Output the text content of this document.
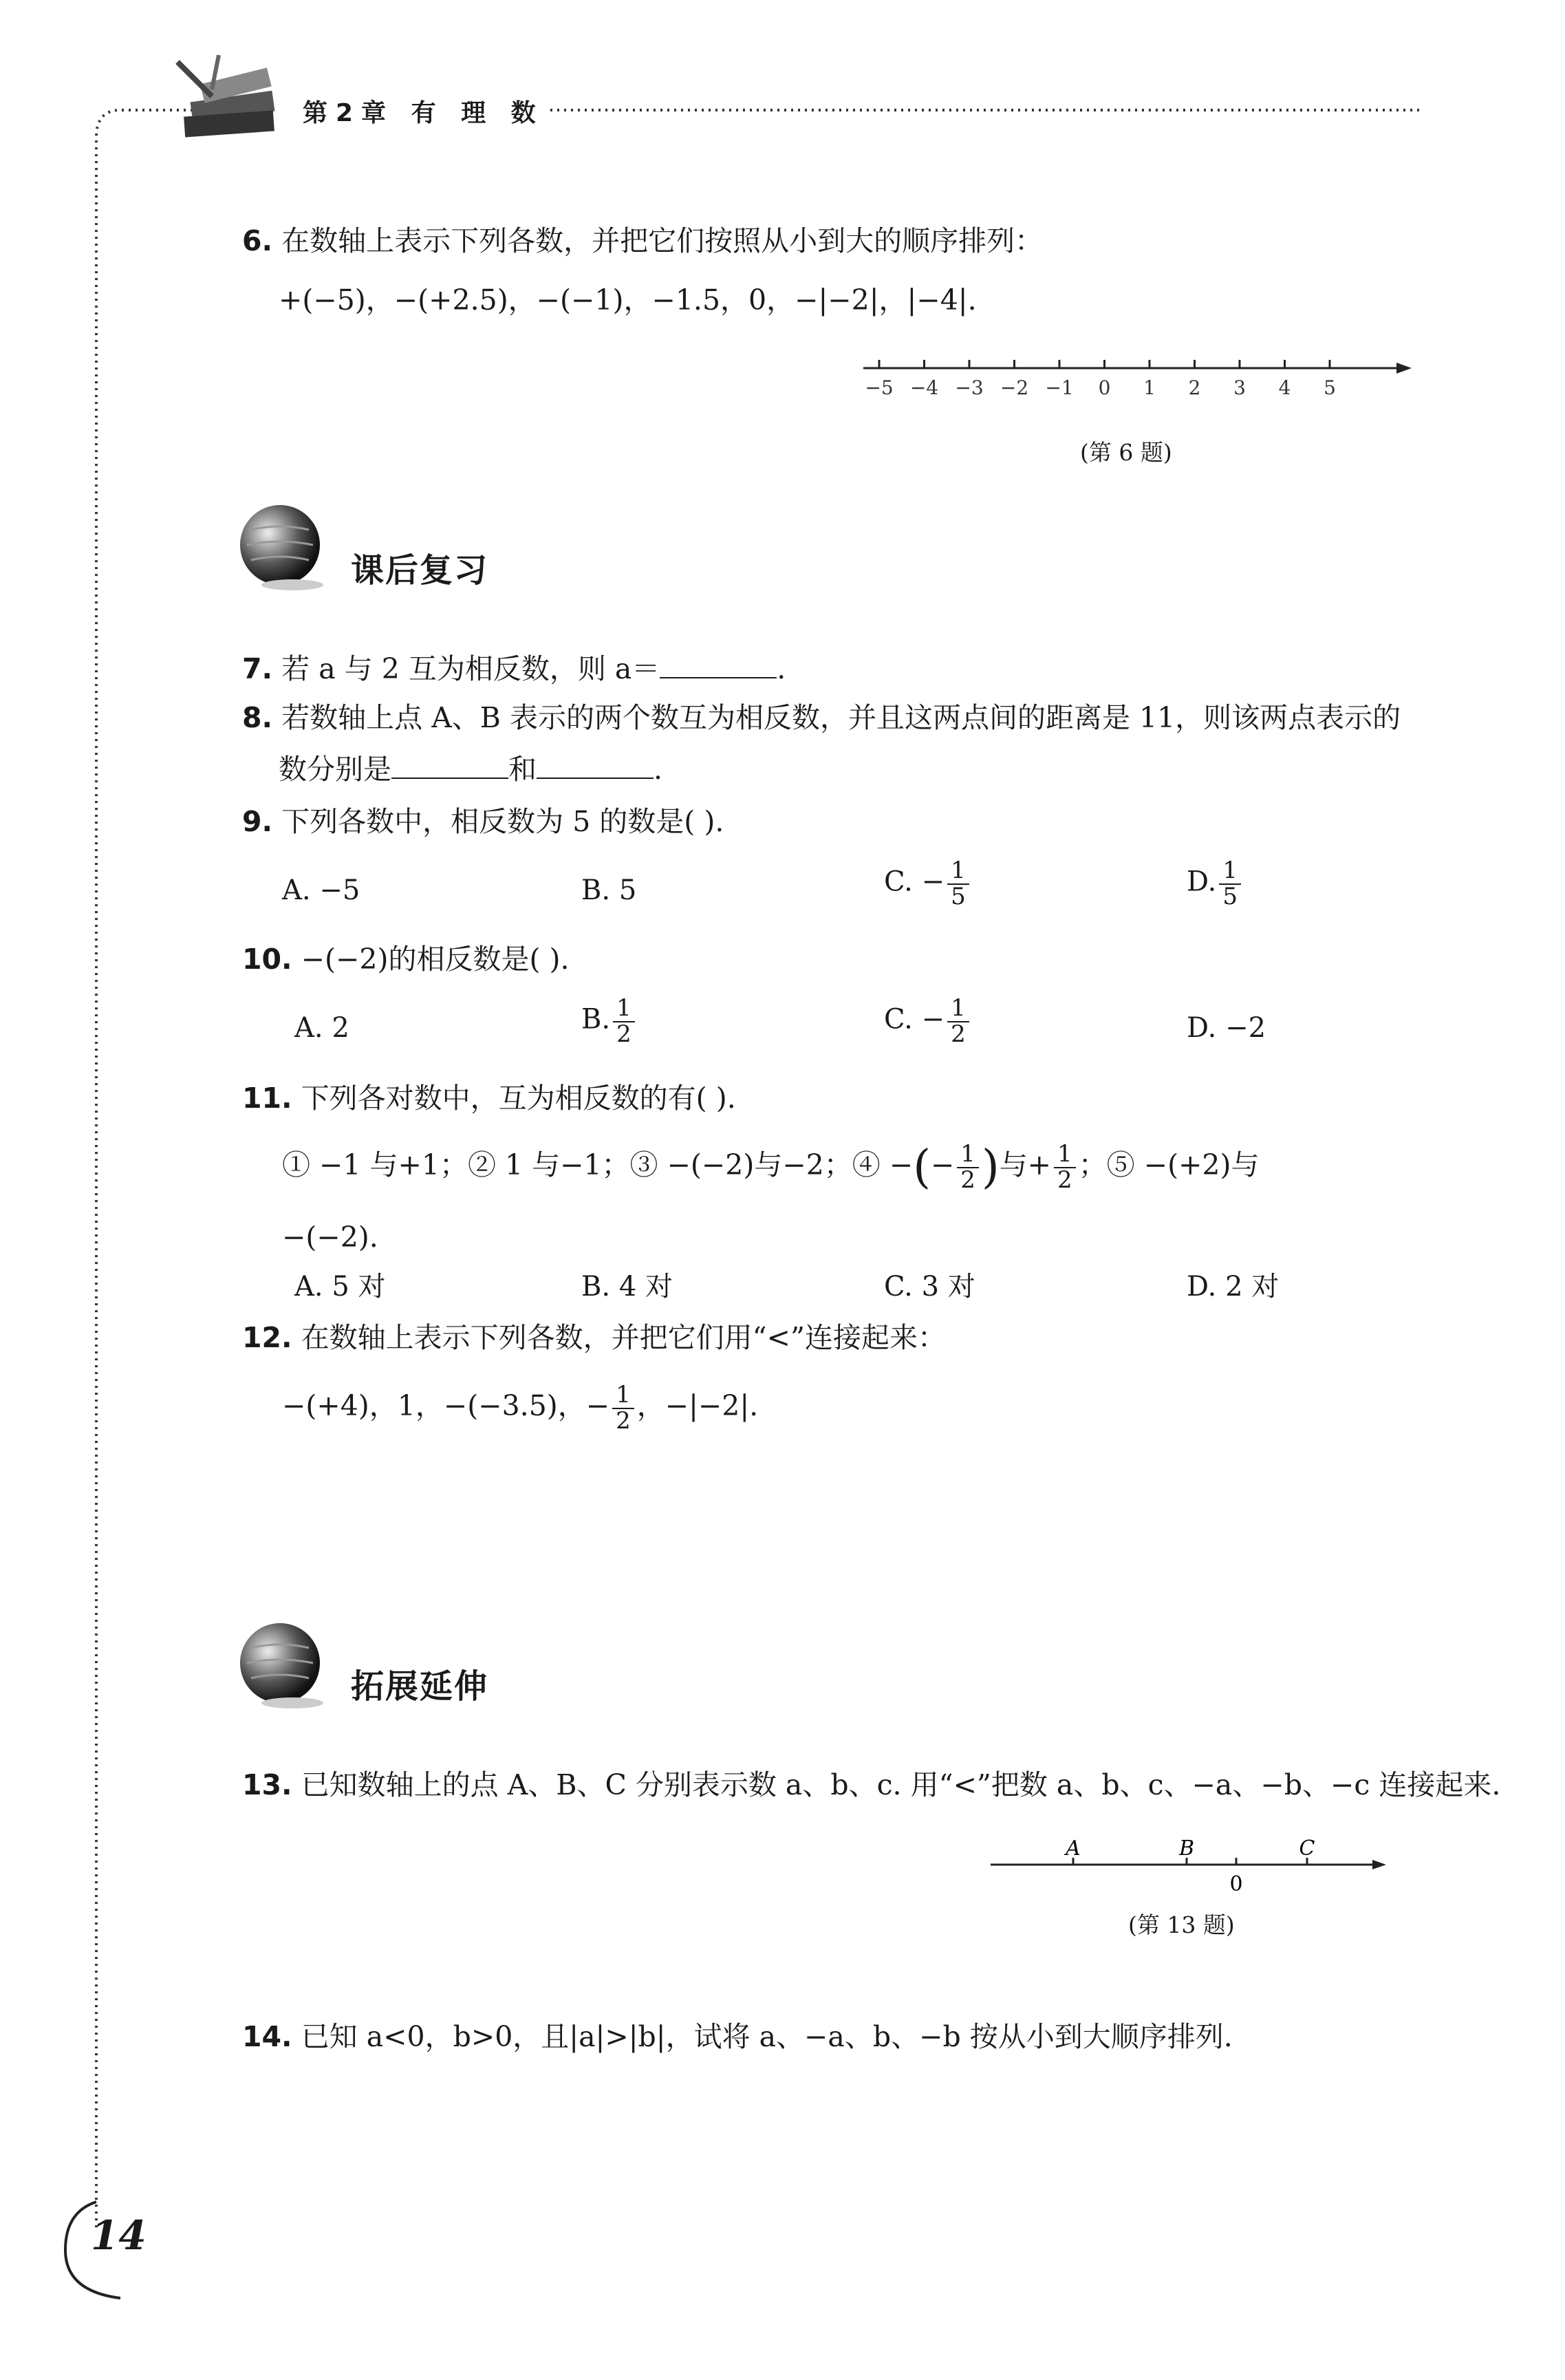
第2章 有 理 数
6. 在数轴上表示下列各数，并把它们按照从小到大的顺序排列：
+(−5)，−(+2.5)，−(−1)，−1.5，0，−|−2|，|−4|.
−5 −4 −3 −2 −1 0 1 2 3 4 5
(第 6 题)
课后复习
7. 若 a 与 2 互为相反数，则 a＝	.
8. 若数轴上点 A、B 表示的两个数互为相反数，并且这两点间的距离是 11，则该两点表示的
数分别是	和	.
9. 下列各数中，相反数为 5 的数是( ).
A. −5	B. 5	C. − $\frac{1}{5}$	D. $\frac{1}{5}$
10. −(−2)的相反数是( ).
A. 2	B. $\frac{1}{2}$	C. − $\frac{1}{2}$	D. −2
11. 下列各对数中，互为相反数的有( ).
① −1 与+1；② 1 与−1；③ −(−2)与−2；④ −(− $\frac{1}{2}$ )与+ $\frac{1}{2}$ ；⑤ −(+2)与
−(−2).
A. 5 对	B. 4 对	C. 3 对	D. 2 对
12. 在数轴上表示下列各数，并把它们用“<”连接起来：
−(+4)，1，−(−3.5)，− $\frac{1}{2}$ ，−|−2|.
拓展延伸
13. 已知数轴上的点 A、B、C 分别表示数 a、b、c. 用“<”把数 a、b、c、−a、−b、−c 连接起来.
A	B	C
0
(第 13 题)
14. 已知 a<0，b>0，且|a|>|b|，试将 a、−a、b、−b 按从小到大顺序排列.
14
